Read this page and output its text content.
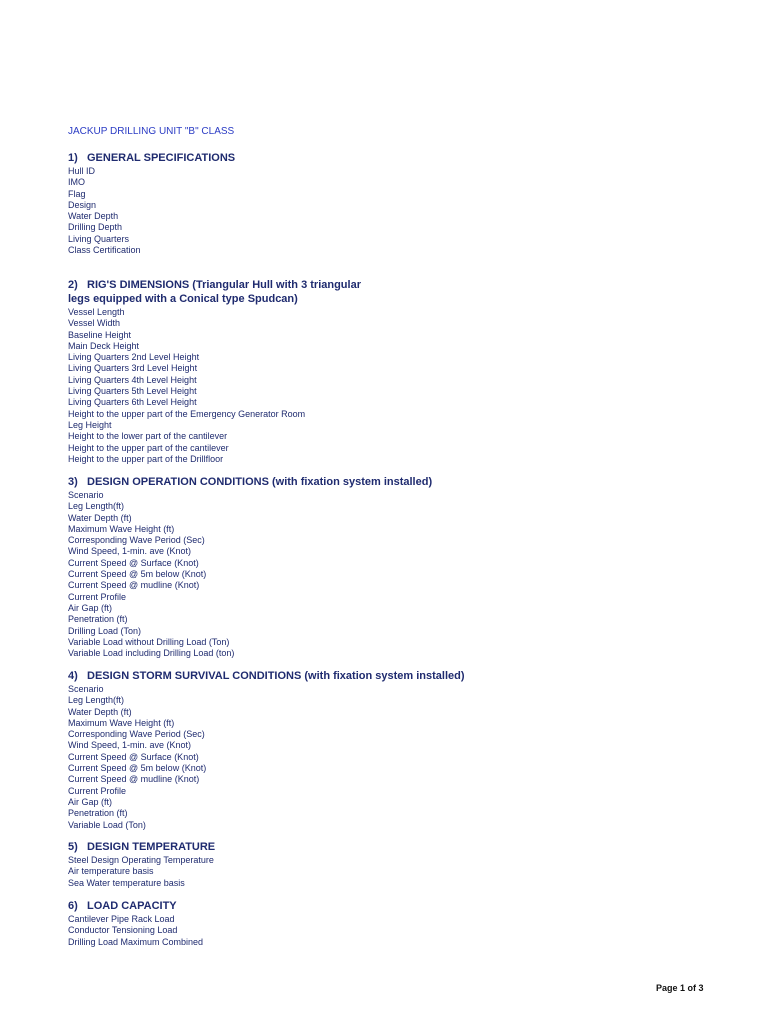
JACKUP DRILLING UNIT "B" CLASS
1) GENERAL SPECIFICATIONS
Hull ID
IMO
Flag
Design
Water Depth
Drilling Depth
Living Quarters
Class Certification
2) RIG'S DIMENSIONS (Triangular Hull with 3 triangular
legs equipped with a Conical type Spudcan)
Vessel Length
Vessel Width
Baseline Height
Main Deck Height
Living Quarters 2nd Level Height
Living Quarters 3rd Level Height
Living Quarters 4th Level Height
Living Quarters 5th Level Height
Living Quarters 6th Level Height
Height to the upper part of the Emergency Generator Room
Leg Height
Height to the lower part of the cantilever
Height to the upper part of the cantilever
Height to the upper part of the Drillfloor
3) DESIGN OPERATION CONDITIONS (with fixation system installed)
Scenario
Leg Length(ft)
Water Depth (ft)
Maximum Wave Height (ft)
Corresponding Wave Period (Sec)
Wind Speed, 1-min. ave (Knot)
Current Speed @ Surface (Knot)
Current Speed @ 5m below (Knot)
Current Speed @ mudline (Knot)
Current Profile
Air Gap (ft)
Penetration (ft)
Drilling Load (Ton)
Variable Load without Drilling Load (Ton)
Variable Load including Drilling Load (ton)
4) DESIGN STORM SURVIVAL CONDITIONS (with fixation system installed)
Scenario
Leg Length(ft)
Water Depth (ft)
Maximum Wave Height (ft)
Corresponding Wave Period (Sec)
Wind Speed, 1-min. ave (Knot)
Current Speed @ Surface (Knot)
Current Speed @ 5m below (Knot)
Current Speed @ mudline (Knot)
Current Profile
Air Gap (ft)
Penetration (ft)
Variable Load (Ton)
5) DESIGN TEMPERATURE
Steel Design Operating Temperature
Air temperature basis
Sea Water temperature basis
6) LOAD CAPACITY
Cantilever Pipe Rack Load
Conductor Tensioning Load
Drilling Load Maximum Combined
Page 1 of 3
